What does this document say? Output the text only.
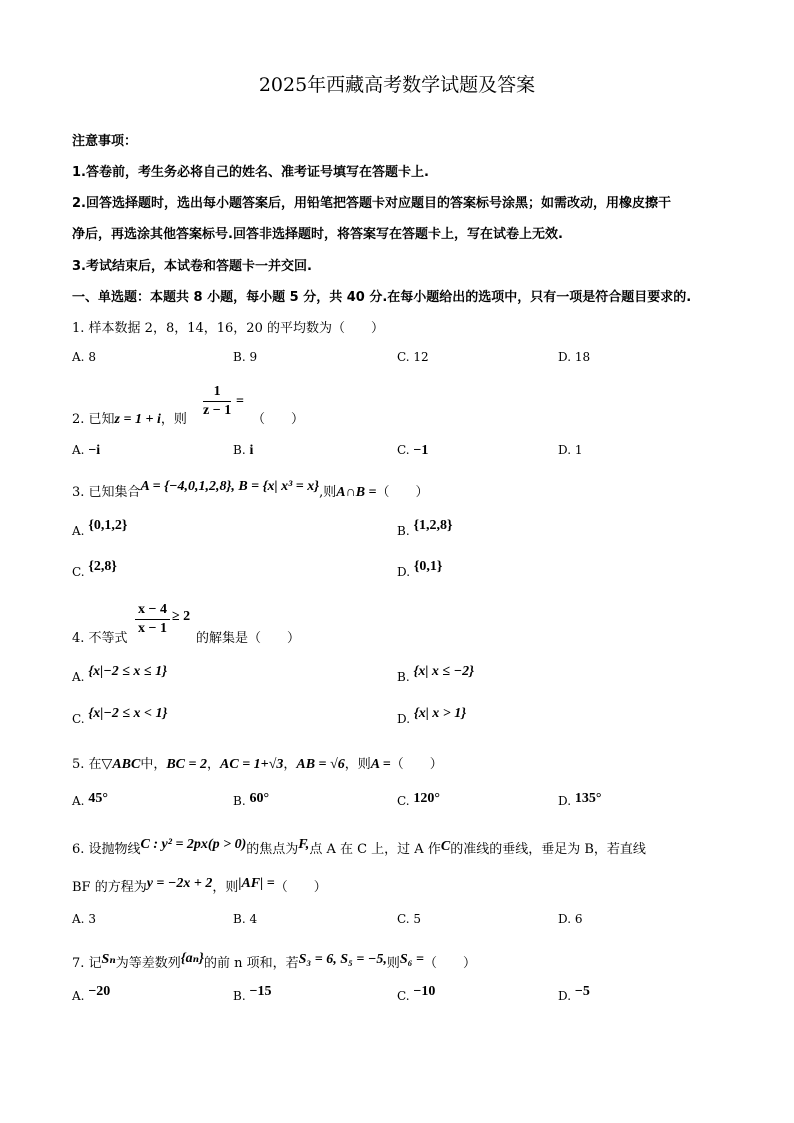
2025年西藏高考数学试题及答案
注意事项：
1.答卷前，考生务必将自己的姓名、准考证号填写在答题卡上.
2.回答选择题时，选出每小题答案后，用铅笔把答题卡对应题目的答案标号涂黑；如需改动，用橡皮擦干
净后，再选涂其他答案标号.回答非选择题时，将答案写在答题卡上，写在试卷上无效.
3.考试结束后，本试卷和答题卡一并交回.
一、单选题：本题共 8 小题，每小题 5 分，共 40 分.在每小题给出的选项中，只有一项是符合题目要求的.
1. 样本数据 2，8，14，16，20 的平均数为（　　）
A. 8	B. 9	C. 12	D. 18
2. 已知z = 1 + i，则
$\frac{1}{z - 1}$ =
（　　）
A. −i	B. i	C. −1	D. 1
3. 已知集合A = {−4,0,1,2,8}, B = {x| x³ = x},则A∩B =（　　）
A. {0,1,2}	B. {1,2,8}
C. {2,8}	D. {0,1}
4. 不等式
$\frac{x - 4}{x - 1} \ge 2$
的解集是（　　）
A. {x|−2 ≤ x ≤ 1}	B. {x| x ≤ −2}
C. {x|−2 ≤ x < 1}	D. {x| x > 1}
5. 在▽ABC中，BC = 2，AC = 1+√3，AB = √6，则A =（　　）
A. 45°	B. 60°	C. 120°	D. 135°
6. 设抛物线C : y² = 2px(p > 0)的焦点为F,点 A 在 C 上，过 A 作C的准线的垂线，垂足为 B，若直线
BF 的方程为y = −2x + 2，则|AF| =（　　）
A. 3	B. 4	C. 5	D. 6
7. 记Sₙ为等差数列{aₙ}的前 n 项和，若S₃ = 6, S₅ = −5,则S₆ =（　　）
A. −20	B. −15	C. −10	D. −5
